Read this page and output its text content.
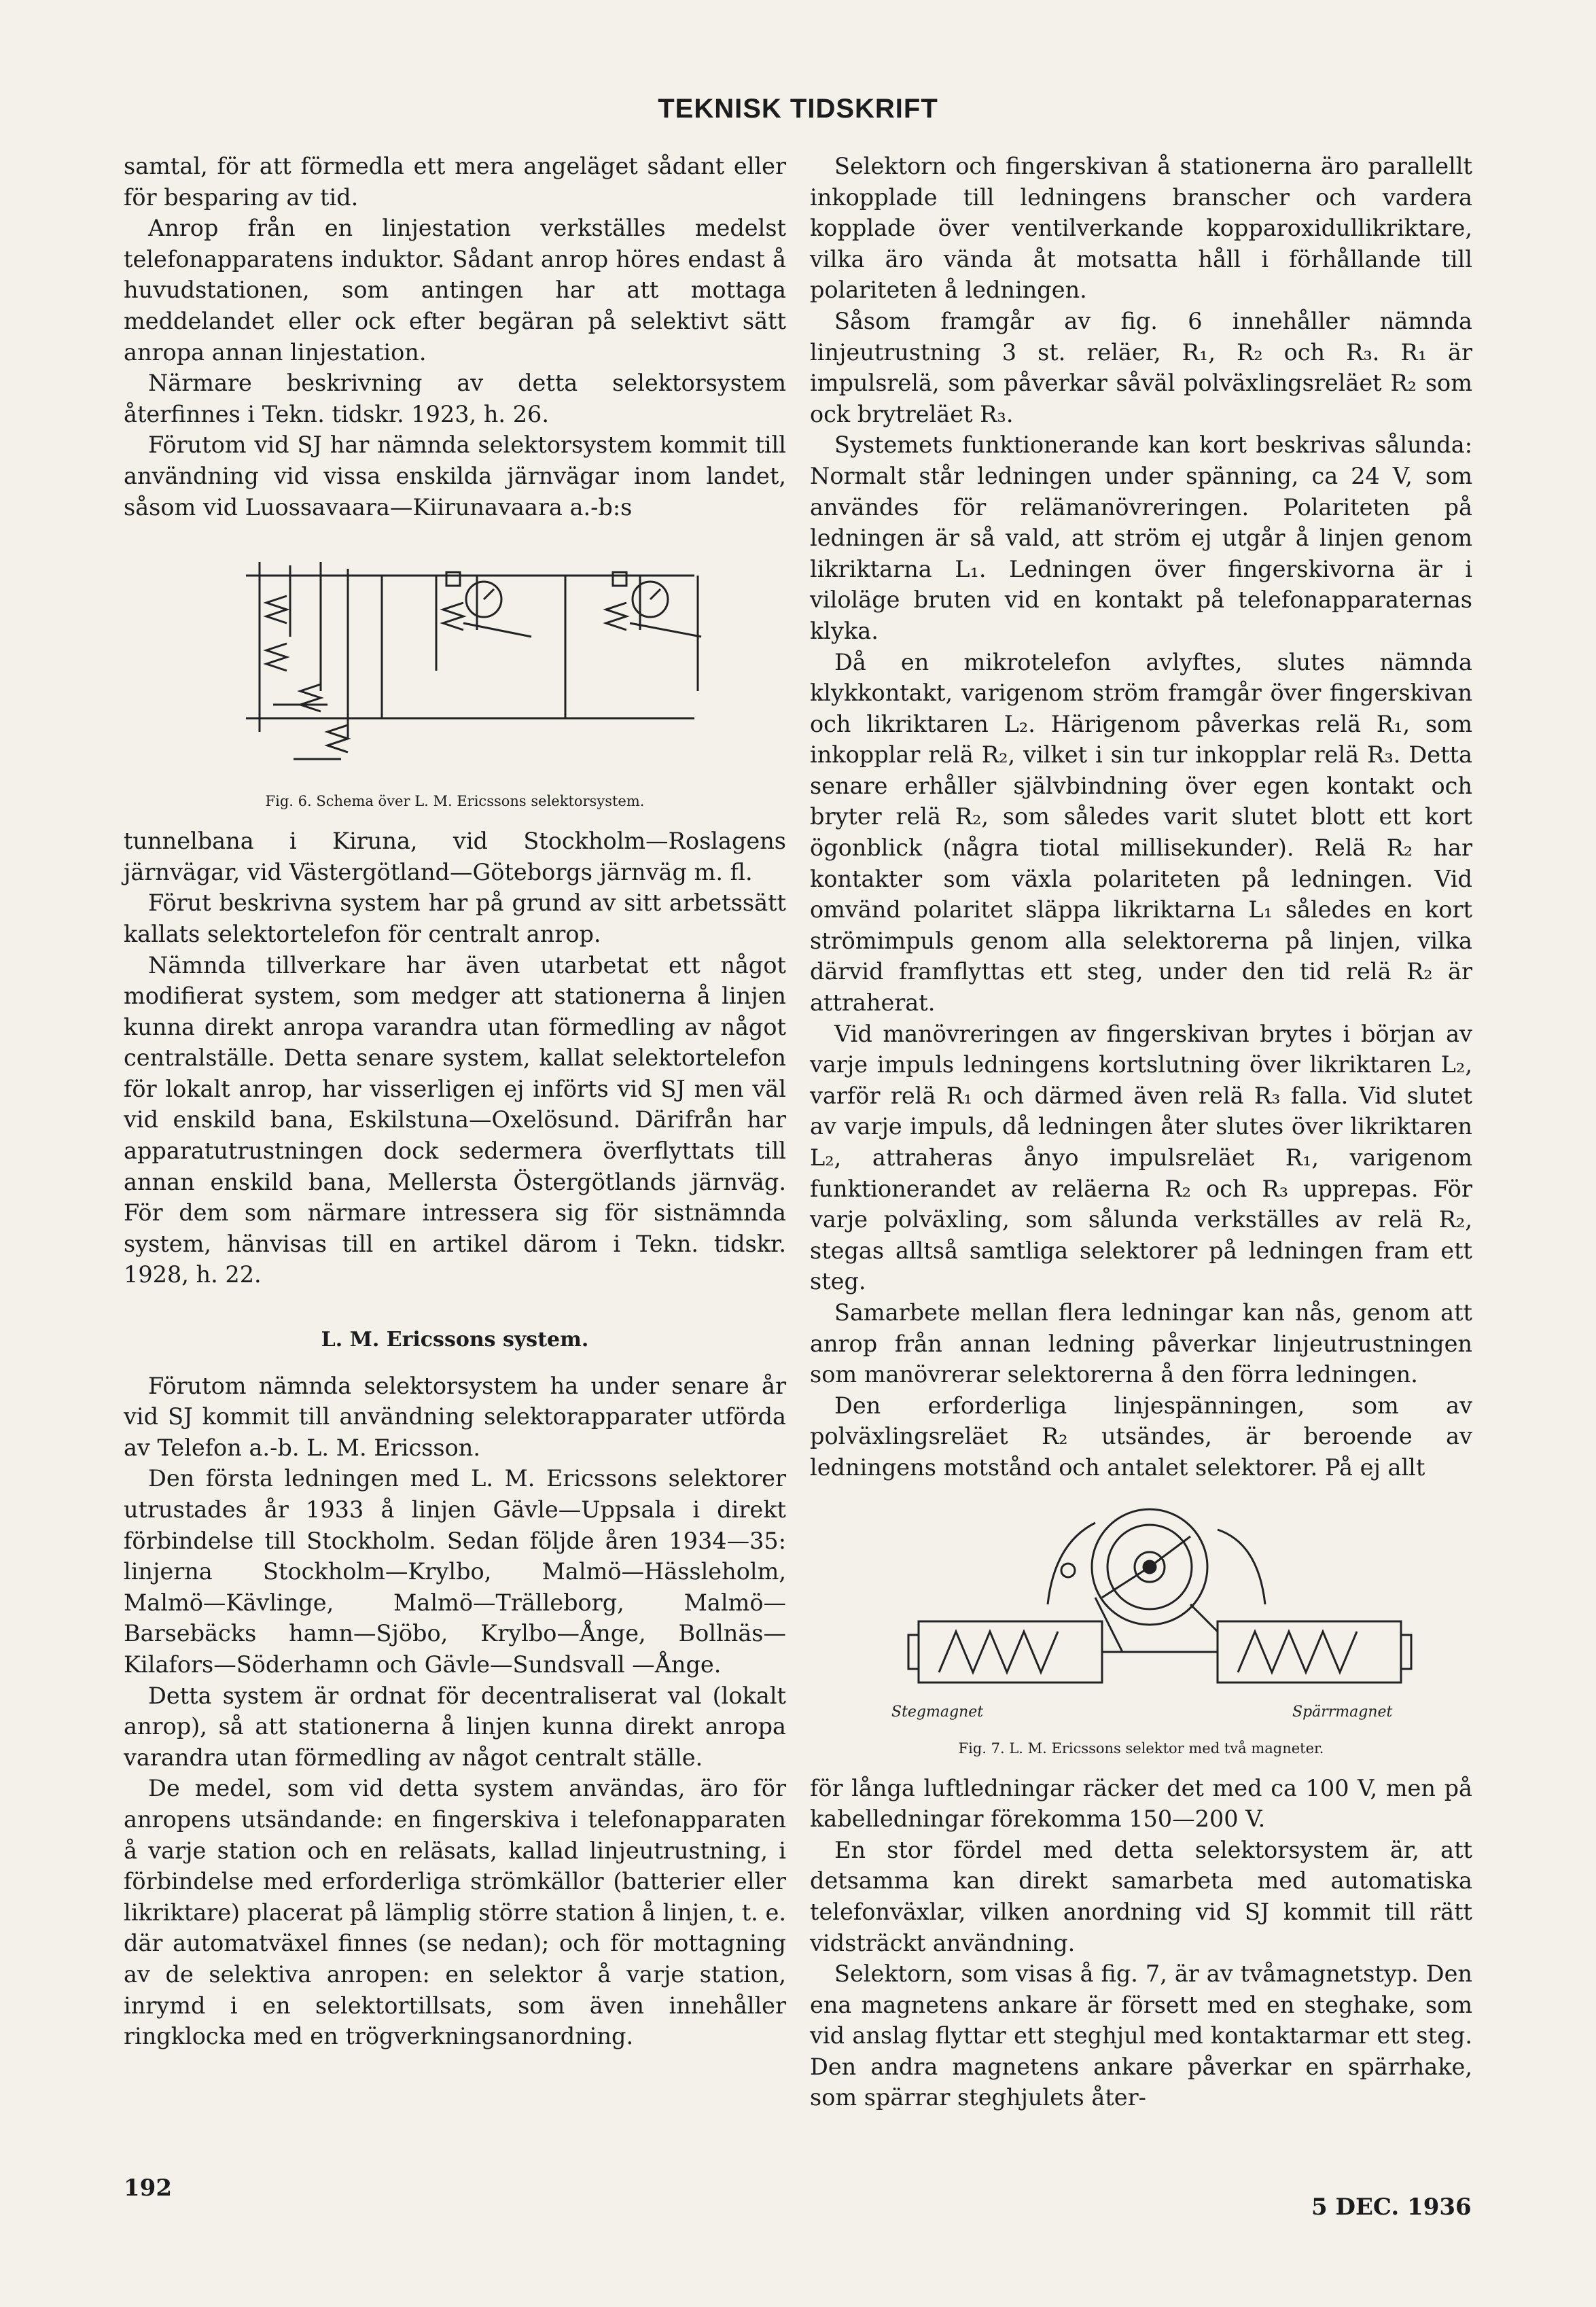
TEKNISK TIDSKRIFT

samtal, för att förmedla ett mera angeläget sådant eller för besparing av tid.

Anrop från en linjestation verkställes medelst telefonapparatens induktor. Sådant anrop höres endast å huvudstationen, som antingen har att mottaga meddelandet eller ock efter begäran på selektivt sätt anropa annan linjestation.

Närmare beskrivning av detta selektorsystem återfinnes i Tekn. tidskr. 1923, h. 26.

Förutom vid SJ har nämnda selektorsystem kommit till användning vid vissa enskilda järnvägar inom landet, såsom vid Luossavaara—Kiirunavaara a.-b:s

Fig. 6. Schema över L. M. Ericssons selektorsystem.

tunnelbana i Kiruna, vid Stockholm—Roslagens järnvägar, vid Västergötland—Göteborgs järnväg m. fl.

Förut beskrivna system har på grund av sitt arbetssätt kallats selektortelefon för centralt anrop.

Nämnda tillverkare har även utarbetat ett något modifierat system, som medger att stationerna å linjen kunna direkt anropa varandra utan förmedling av något centralställe. Detta senare system, kallat selektortelefon för lokalt anrop, har visserligen ej införts vid SJ men väl vid enskild bana, Eskilstuna—Oxelösund. Därifrån har apparatutrustningen dock sedermera överflyttats till annan enskild bana, Mellersta Östergötlands järnväg. För dem som närmare intressera sig för sistnämnda system, hänvisas till en artikel därom i Tekn. tidskr. 1928, h. 22.

L. M. Ericssons system.

Förutom nämnda selektorsystem ha under senare år vid SJ kommit till användning selektorapparater utförda av Telefon a.-b. L. M. Ericsson.

Den första ledningen med L. M. Ericssons selektorer utrustades år 1933 å linjen Gävle—Uppsala i direkt förbindelse till Stockholm. Sedan följde åren 1934—35: linjerna Stockholm—Krylbo, Malmö—Hässleholm, Malmö—Kävlinge, Malmö—Trälleborg, Malmö—Barsebäcks hamn—Sjöbo, Krylbo—Ånge, Bollnäs—Kilafors—Söderhamn och Gävle—Sundsvall —Ånge.

Detta system är ordnat för decentraliserat val (lokalt anrop), så att stationerna å linjen kunna direkt anropa varandra utan förmedling av något centralt ställe.

De medel, som vid detta system användas, äro för anropens utsändande: en fingerskiva i telefonapparaten å varje station och en reläsats, kallad linjeutrustning, i förbindelse med erforderliga strömkällor (batterier eller likriktare) placerat på lämplig större station å linjen, t. e. där automatväxel finnes (se nedan); och för mottagning av de selektiva anropen: en selektor å varje station, inrymd i en selektortillsats, som även innehåller ringklocka med en trögverkningsanordning.

Selektorn och fingerskivan å stationerna äro parallellt inkopplade till ledningens branscher och vardera kopplade över ventilverkande kopparoxidullikriktare, vilka äro vända åt motsatta håll i förhållande till polariteten å ledningen.

Såsom framgår av fig. 6 innehåller nämnda linjeutrustning 3 st. reläer, R₁, R₂ och R₃. R₁ är impulsrelä, som påverkar såväl polväxlingsreläet R₂ som ock brytreläet R₃.

Systemets funktionerande kan kort beskrivas sålunda: Normalt står ledningen under spänning, ca 24 V, som användes för relämanövreringen. Polariteten på ledningen är så vald, att ström ej utgår å linjen genom likriktarna L₁. Ledningen över fingerskivorna är i viloläge bruten vid en kontakt på telefonapparaternas klyka.

Då en mikrotelefon avlyftes, slutes nämnda klykkontakt, varigenom ström framgår över fingerskivan och likriktaren L₂. Härigenom påverkas relä R₁, som inkopplar relä R₂, vilket i sin tur inkopplar relä R₃. Detta senare erhåller självbindning över egen kontakt och bryter relä R₂, som således varit slutet blott ett kort ögonblick (några tiotal millisekunder). Relä R₂ har kontakter som växla polariteten på ledningen. Vid omvänd polaritet släppa likriktarna L₁ således en kort strömimpuls genom alla selektorerna på linjen, vilka därvid framflyttas ett steg, under den tid relä R₂ är attraherat.

Vid manövreringen av fingerskivan brytes i början av varje impuls ledningens kortslutning över likriktaren L₂, varför relä R₁ och därmed även relä R₃ falla. Vid slutet av varje impuls, då ledningen åter slutes över likriktaren L₂, attraheras ånyo impulsreläet R₁, varigenom funktionerandet av reläerna R₂ och R₃ upprepas. För varje polväxling, som sålunda verkställes av relä R₂, stegas alltså samtliga selektorer på ledningen fram ett steg.

Samarbete mellan flera ledningar kan nås, genom att anrop från annan ledning påverkar linjeutrustningen som manövrerar selektorerna å den förra ledningen.

Den erforderliga linjespänningen, som av polväxlingsreläet R₂ utsändes, är beroende av ledningens motstånd och antalet selektorer. På ej allt

Stegmagnet	Spärrmagnet
Fig. 7. L. M. Ericssons selektor med två magneter.

för långa luftledningar räcker det med ca 100 V, men på kabelledningar förekomma 150—200 V.

En stor fördel med detta selektorsystem är, att detsamma kan direkt samarbeta med automatiska telefonväxlar, vilken anordning vid SJ kommit till rätt vidsträckt användning.

Selektorn, som visas å fig. 7, är av tvåmagnetstyp. Den ena magnetens ankare är försett med en steghake, som vid anslag flyttar ett steghjul med kontaktarmar ett steg. Den andra magnetens ankare påverkar en spärrhake, som spärrar steghjulets åter-

192
5 DEC. 1936
